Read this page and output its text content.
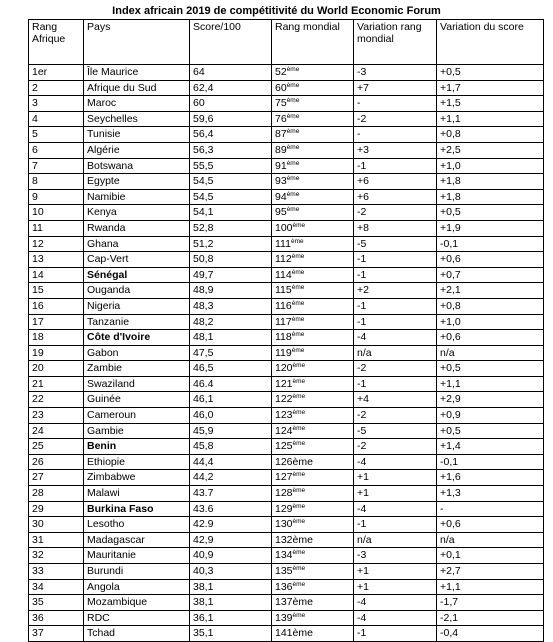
Index africain 2019 de compétitivité du World Economic Forum
Rang Afrique	Pays	Score/100	Rang mondial	Variation rang mondial	Variation du score
1er	Île Maurice	64	52ème	-3	+0,5
2	Afrique du Sud	62,4	60ème	+7	+1,7
3	Maroc	60	75ème	-	+1,5
4	Seychelles	59,6	76ème	-2	+1,1
5	Tunisie	56,4	87ème	-	+0,8
6	Algérie	56,3	89ème	+3	+2,5
7	Botswana	55,5	91ème	-1	+1,0
8	Egypte	54,5	93ème	+6	+1,8
9	Namibie	54,5	94ème	+6	+1,8
10	Kenya	54,1	95ème	-2	+0,5
11	Rwanda	52,8	100ème	+8	+1,9
12	Ghana	51,2	111ème	-5	-0,1
13	Cap-Vert	50,8	112ème	-1	+0,6
14	Sénégal	49,7	114ème	-1	+0,7
15	Ouganda	48,9	115ème	+2	+2,1
16	Nigeria	48,3	116ème	-1	+0,8
17	Tanzanie	48,2	117ème	-1	+1,0
18	Côte d'Ivoire	48,1	118ème	-4	+0,6
19	Gabon	47,5	119ème	n/a	n/a
20	Zambie	46,5	120ème	-2	+0,5
21	Swaziland	46.4	121ème	-1	+1,1
22	Guinée	46,1	122ème	+4	+2,9
23	Cameroun	46,0	123ème	-2	+0,9
24	Gambie	45,9	124ème	-5	+0,5
25	Benin	45,8	125ème	-2	+1,4
26	Ethiopie	44,4	126ème	-4	-0,1
27	Zimbabwe	44,2	127ème	+1	+1,6
28	Malawi	43.7	128ème	+1	+1,3
29	Burkina Faso	43.6	129ème	-4	-
30	Lesotho	42.9	130ème	-1	+0,6
31	Madagascar	42,9	132ème	n/a	n/a
32	Mauritanie	40,9	134ème	-3	+0,1
33	Burundi	40,3	135ème	+1	+2,7
34	Angola	38,1	136ème	+1	+1,1
35	Mozambique	38,1	137ème	-4	-1,7
36	RDC	36,1	139ème	-4	-2,1
37	Tchad	35,1	141ème	-1	-0,4
